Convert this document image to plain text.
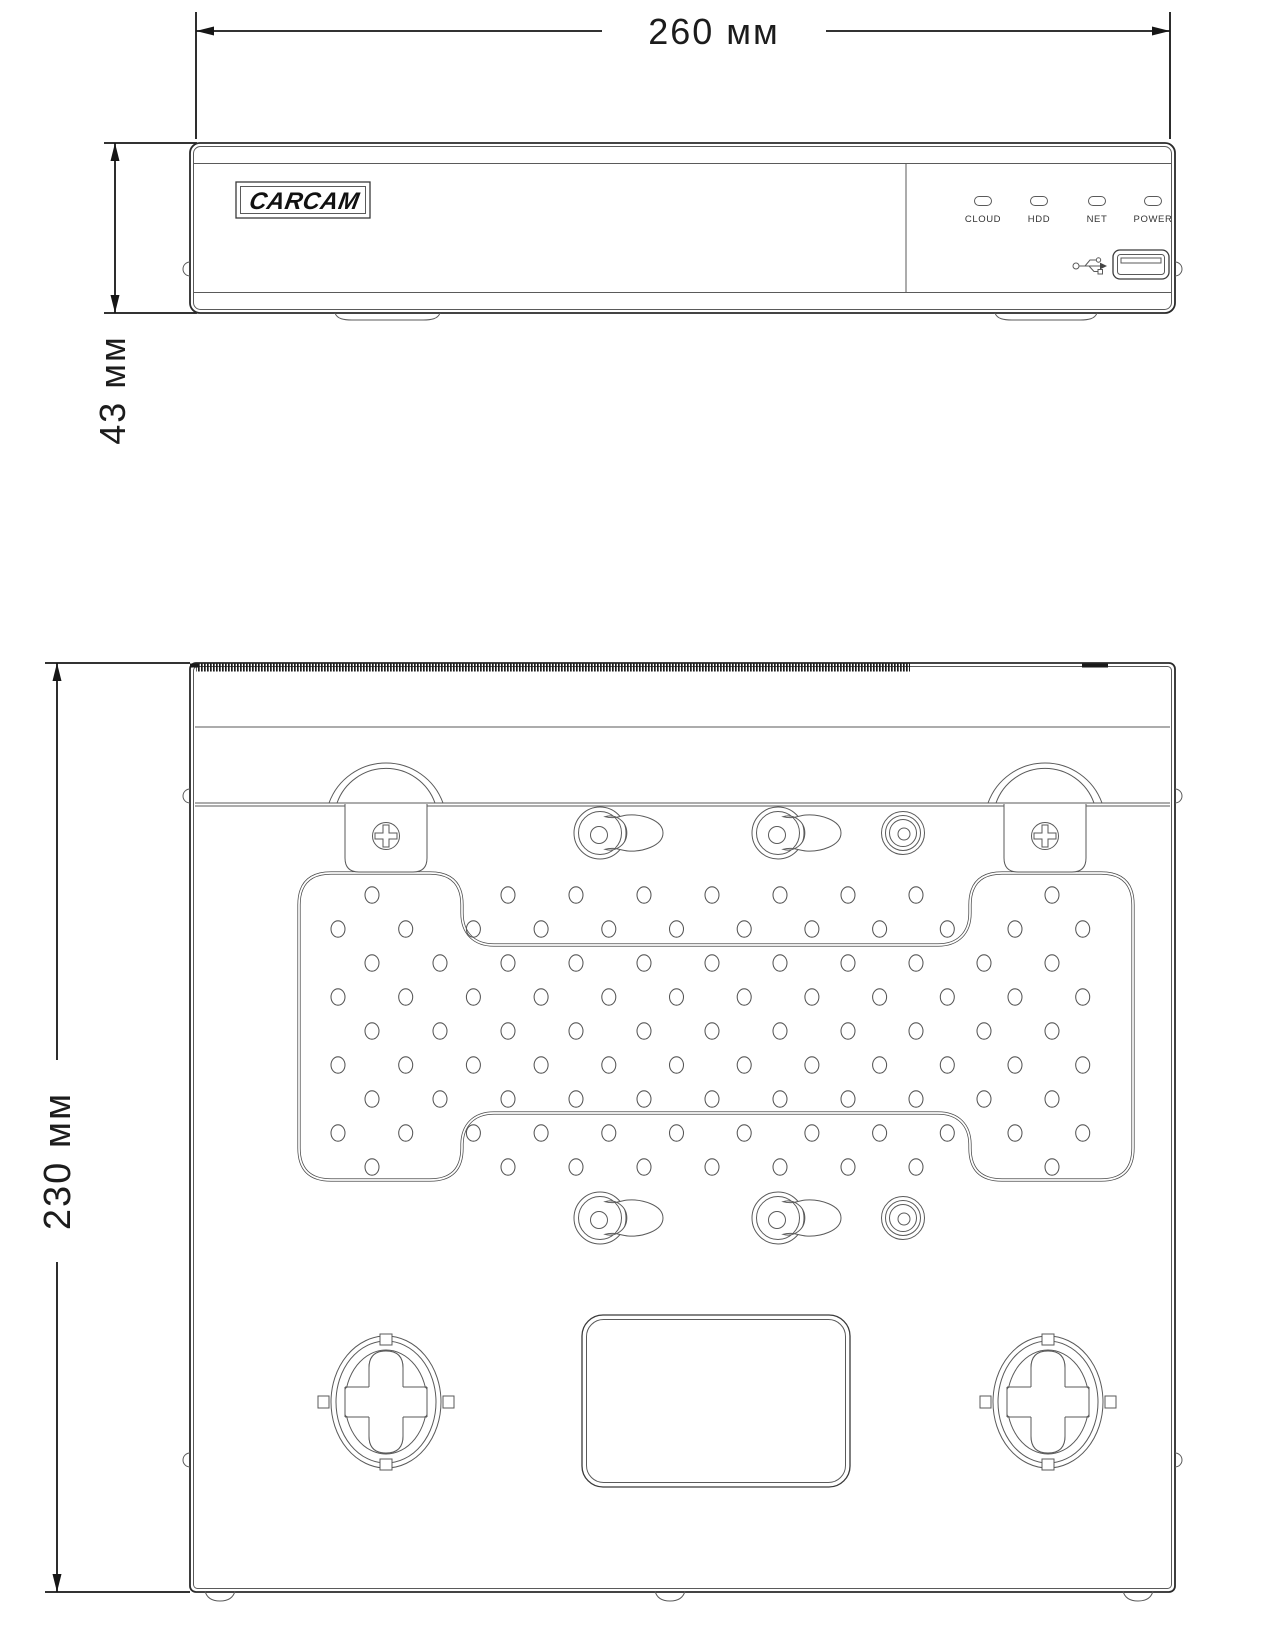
260 мм
43 мм
CARCAM
CLOUD	HDD	NET	POWER
230 мм
